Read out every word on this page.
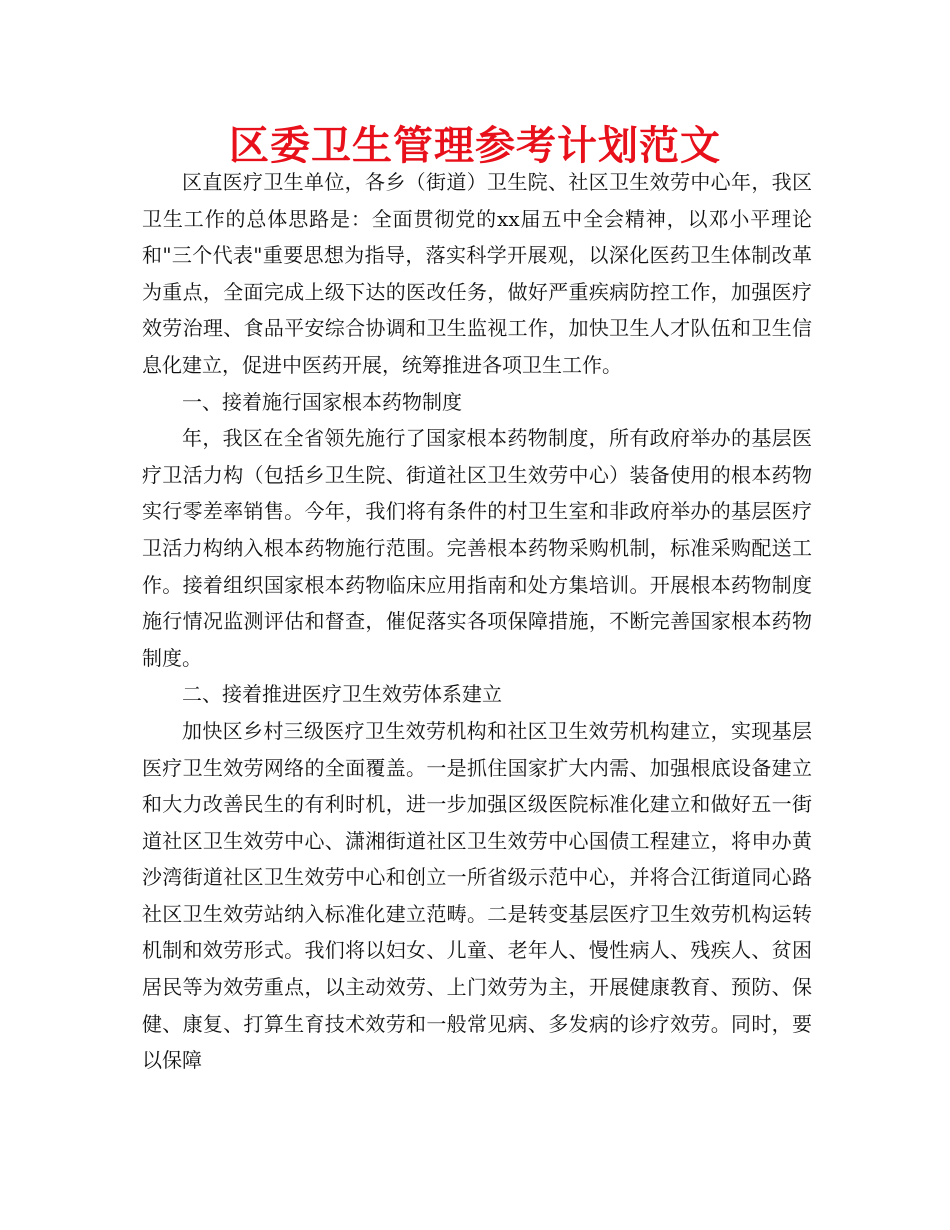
区委卫生管理参考计划范文

区直医疗卫生单位，各乡（街道）卫生院、社区卫生效劳中心年，我区卫生工作的总体思路是：全面贯彻党的xx届五中全会精神，以邓小平理论和"三个代表"重要思想为指导，落实科学开展观，以深化医药卫生体制改革为重点，全面完成上级下达的医改任务，做好严重疾病防控工作，加强医疗效劳治理、食品平安综合协调和卫生监视工作，加快卫生人才队伍和卫生信息化建立，促进中医药开展，统筹推进各项卫生工作。

一、接着施行国家根本药物制度

年，我区在全省领先施行了国家根本药物制度，所有政府举办的基层医疗卫活力构（包括乡卫生院、街道社区卫生效劳中心）装备使用的根本药物实行零差率销售。今年，我们将有条件的村卫生室和非政府举办的基层医疗卫活力构纳入根本药物施行范围。完善根本药物采购机制，标准采购配送工作。接着组织国家根本药物临床应用指南和处方集培训。开展根本药物制度施行情况监测评估和督查，催促落实各项保障措施，不断完善国家根本药物制度。

二、接着推进医疗卫生效劳体系建立

加快区乡村三级医疗卫生效劳机构和社区卫生效劳机构建立，实现基层医疗卫生效劳网络的全面覆盖。一是抓住国家扩大内需、加强根底设备建立和大力改善民生的有利时机，进一步加强区级医院标准化建立和做好五一街道社区卫生效劳中心、潇湘街道社区卫生效劳中心国债工程建立，将申办黄沙湾街道社区卫生效劳中心和创立一所省级示范中心，并将合江街道同心路社区卫生效劳站纳入标准化建立范畴。二是转变基层医疗卫生效劳机构运转机制和效劳形式。我们将以妇女、儿童、老年人、慢性病人、残疾人、贫困居民等为效劳重点，以主动效劳、上门效劳为主，开展健康教育、预防、保健、康复、打算生育技术效劳和一般常见病、多发病的诊疗效劳。同时，要以保障
